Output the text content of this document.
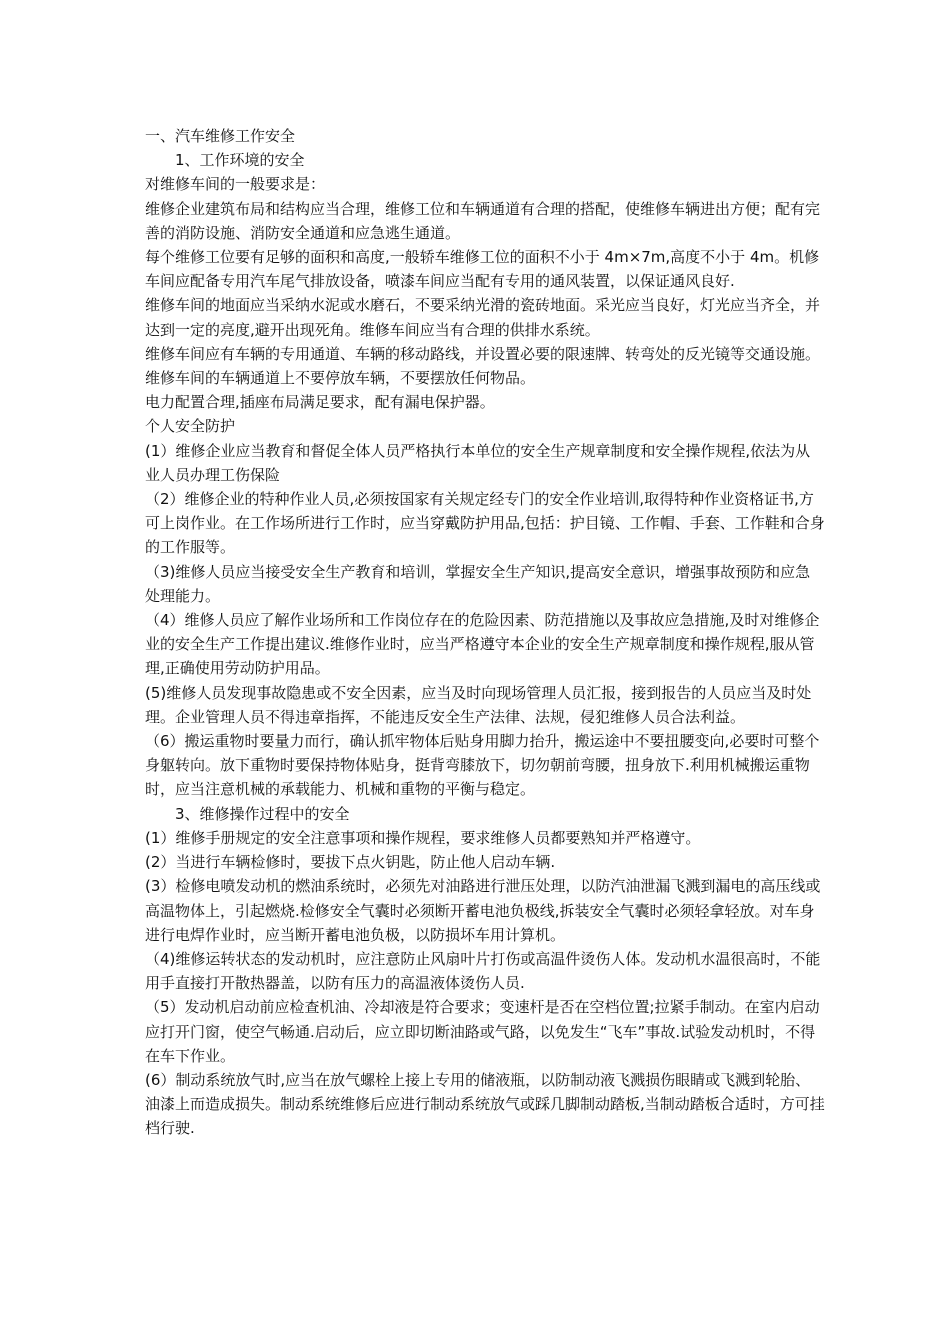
一、汽车维修工作安全

1、工作环境的安全

对维修车间的一般要求是：

维修企业建筑布局和结构应当合理，维修工位和车辆通道有合理的搭配，使维修车辆进出方便；配有完善的消防设施、消防安全通道和应急逃生通道。

每个维修工位要有足够的面积和高度,一般轿车维修工位的面积不小于 4m×7m,高度不小于 4m。机修车间应配备专用汽车尾气排放设备，喷漆车间应当配有专用的通风装置，以保证通风良好.

维修车间的地面应当采纳水泥或水磨石，不要采纳光滑的瓷砖地面。采光应当良好，灯光应当齐全，并达到一定的亮度,避开出现死角。维修车间应当有合理的供排水系统。

维修车间应有车辆的专用通道、车辆的移动路线，并设置必要的限速牌、转弯处的反光镜等交通设施。维修车间的车辆通道上不要停放车辆，不要摆放任何物品。

电力配置合理,插座布局满足要求，配有漏电保护器。

个人安全防护

(1）维修企业应当教育和督促全体人员严格执行本单位的安全生产规章制度和安全操作规程,依法为从业人员办理工伤保险

（2）维修企业的特种作业人员,必须按国家有关规定经专门的安全作业培训,取得特种作业资格证书,方可上岗作业。在工作场所进行工作时，应当穿戴防护用品,包括：护目镜、工作帽、手套、工作鞋和合身的工作服等。

（3)维修人员应当接受安全生产教育和培训，掌握安全生产知识,提高安全意识，增强事故预防和应急处理能力。

（4）维修人员应了解作业场所和工作岗位存在的危险因素、防范措施以及事故应急措施,及时对维修企业的安全生产工作提出建议.维修作业时，应当严格遵守本企业的安全生产规章制度和操作规程,服从管理,正确使用劳动防护用品。

(5)维修人员发现事故隐患或不安全因素，应当及时向现场管理人员汇报，接到报告的人员应当及时处理。企业管理人员不得违章指挥，不能违反安全生产法律、法规，侵犯维修人员合法利益。

（6）搬运重物时要量力而行，确认抓牢物体后贴身用脚力抬升，搬运途中不要扭腰变向,必要时可整个身躯转向。放下重物时要保持物体贴身，挺背弯膝放下，切勿朝前弯腰，扭身放下.利用机械搬运重物时，应当注意机械的承载能力、机械和重物的平衡与稳定。

3、维修操作过程中的安全

(1）维修手册规定的安全注意事项和操作规程，要求维修人员都要熟知并严格遵守。

(2）当进行车辆检修时，要拔下点火钥匙，防止他人启动车辆.

(3）检修电喷发动机的燃油系统时，必须先对油路进行泄压处理，以防汽油泄漏飞溅到漏电的高压线或高温物体上，引起燃烧.检修安全气囊时必须断开蓄电池负极线,拆装安全气囊时必须轻拿轻放。对车身进行电焊作业时，应当断开蓄电池负极，以防损坏车用计算机。

（4)维修运转状态的发动机时，应注意防止风扇叶片打伤或高温件烫伤人体。发动机水温很高时，不能用手直接打开散热器盖，以防有压力的高温液体烫伤人员.

（5）发动机启动前应检查机油、冷却液是符合要求；变速杆是否在空档位置;拉紧手制动。在室内启动应打开门窗，使空气畅通.启动后，应立即切断油路或气路，以免发生“飞车”事故.试验发动机时，不得在车下作业。

(6）制动系统放气时,应当在放气螺栓上接上专用的储液瓶，以防制动液飞溅损伤眼睛或飞溅到轮胎、油漆上而造成损失。制动系统维修后应进行制动系统放气或踩几脚制动踏板,当制动踏板合适时，方可挂档行驶.
